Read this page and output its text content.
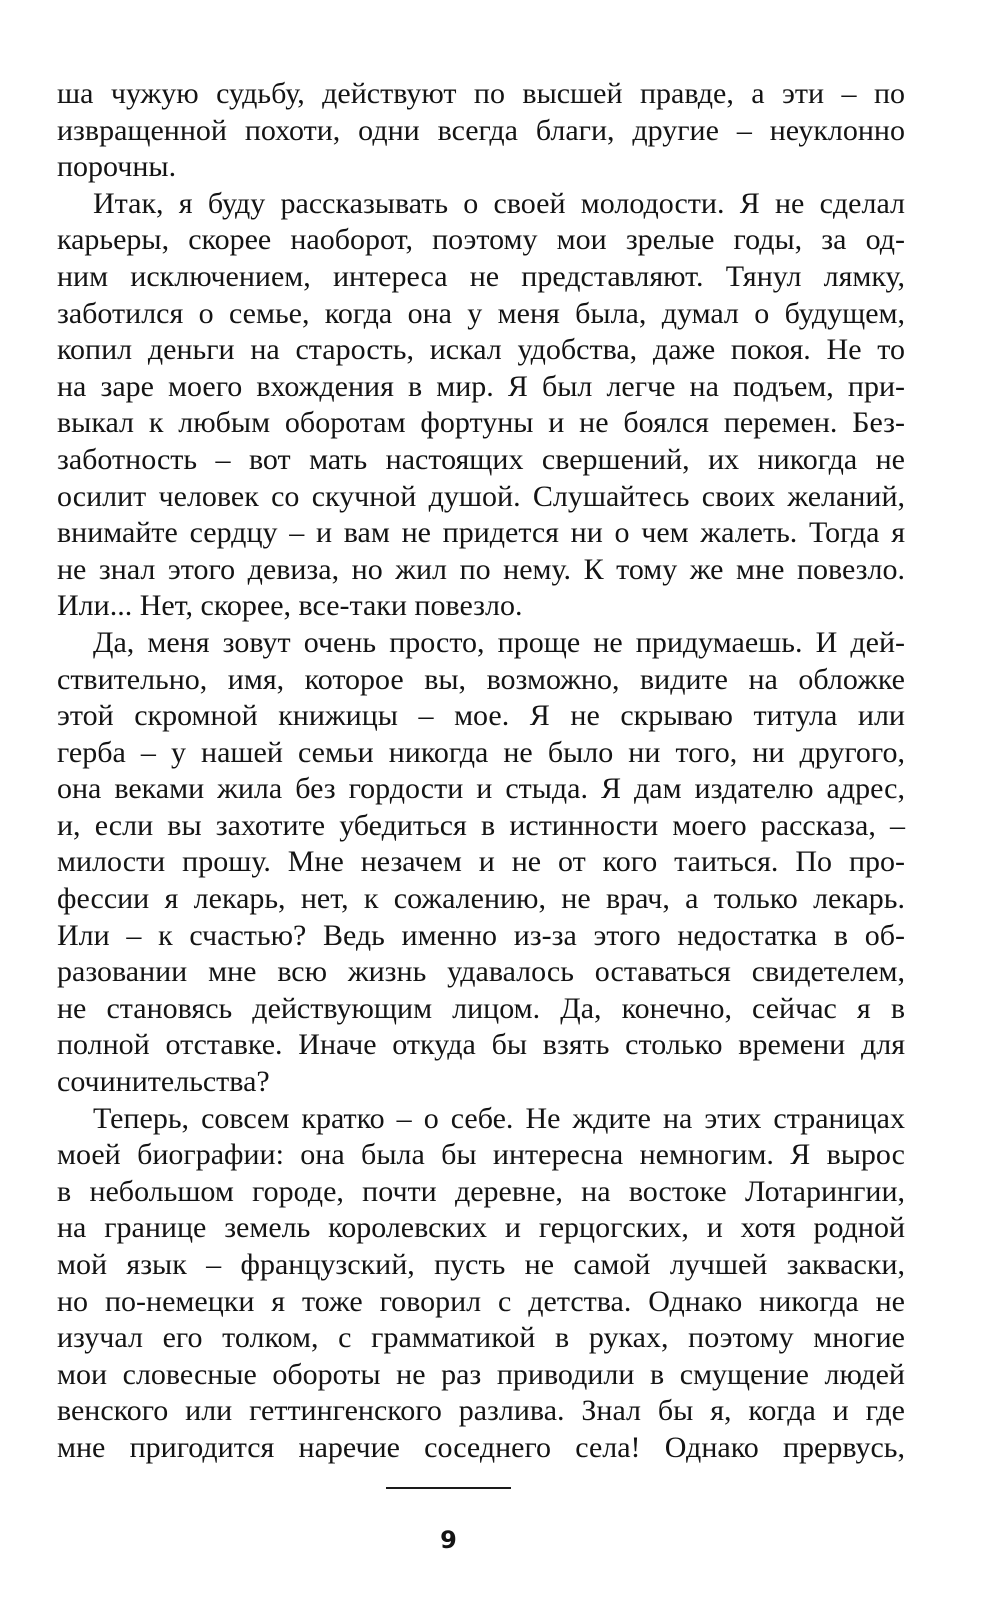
ша чужую судьбу, действуют по высшей правде, а эти – по
извращенной похоти, одни всегда благи, другие – неуклонно
порочны.
Итак, я буду рассказывать о своей молодости. Я не сделал
карьеры, скорее наоборот, поэтому мои зрелые годы, за од-
ним исключением, интереса не представляют. Тянул лямку,
заботился о семье, когда она у меня была, думал о будущем,
копил деньги на старость, искал удобства, даже покоя. Не то
на заре моего вхождения в мир. Я был легче на подъем, при-
выкал к любым оборотам фортуны и не боялся перемен. Без-
заботность – вот мать настоящих свершений, их никогда не
осилит человек со скучной душой. Слушайтесь своих желаний,
внимайте сердцу – и вам не придется ни о чем жалеть. Тогда я
не знал этого девиза, но жил по нему. К тому же мне повезло.
Или... Нет, скорее, все-таки повезло.
Да, меня зовут очень просто, проще не придумаешь. И дей-
ствительно, имя, которое вы, возможно, видите на обложке
этой скромной книжицы – мое. Я не скрываю титула или
герба – у нашей семьи никогда не было ни того, ни другого,
она веками жила без гордости и стыда. Я дам издателю адрес,
и, если вы захотите убедиться в истинности моего рассказа, –
милости прошу. Мне незачем и не от кого таиться. По про-
фессии я лекарь, нет, к сожалению, не врач, а только лекарь.
Или – к счастью? Ведь именно из-за этого недостатка в об-
разовании мне всю жизнь удавалось оставаться свидетелем,
не становясь действующим лицом. Да, конечно, сейчас я в
полной отставке. Иначе откуда бы взять столько времени для
сочинительства?
Теперь, совсем кратко – о себе. Не ждите на этих страницах
моей биографии: она была бы интересна немногим. Я вырос
в небольшом городе, почти деревне, на востоке Лотарингии,
на границе земель королевских и герцогских, и хотя родной
мой язык – французский, пусть не самой лучшей закваски,
но по-немецки я тоже говорил с детства. Однако никогда не
изучал его толком, с грамматикой в руках, поэтому многие
мои словесные обороты не раз приводили в смущение людей
венского или геттингенского разлива. Знал бы я, когда и где
мне пригодится наречие соседнего села! Однако прервусь,
9
